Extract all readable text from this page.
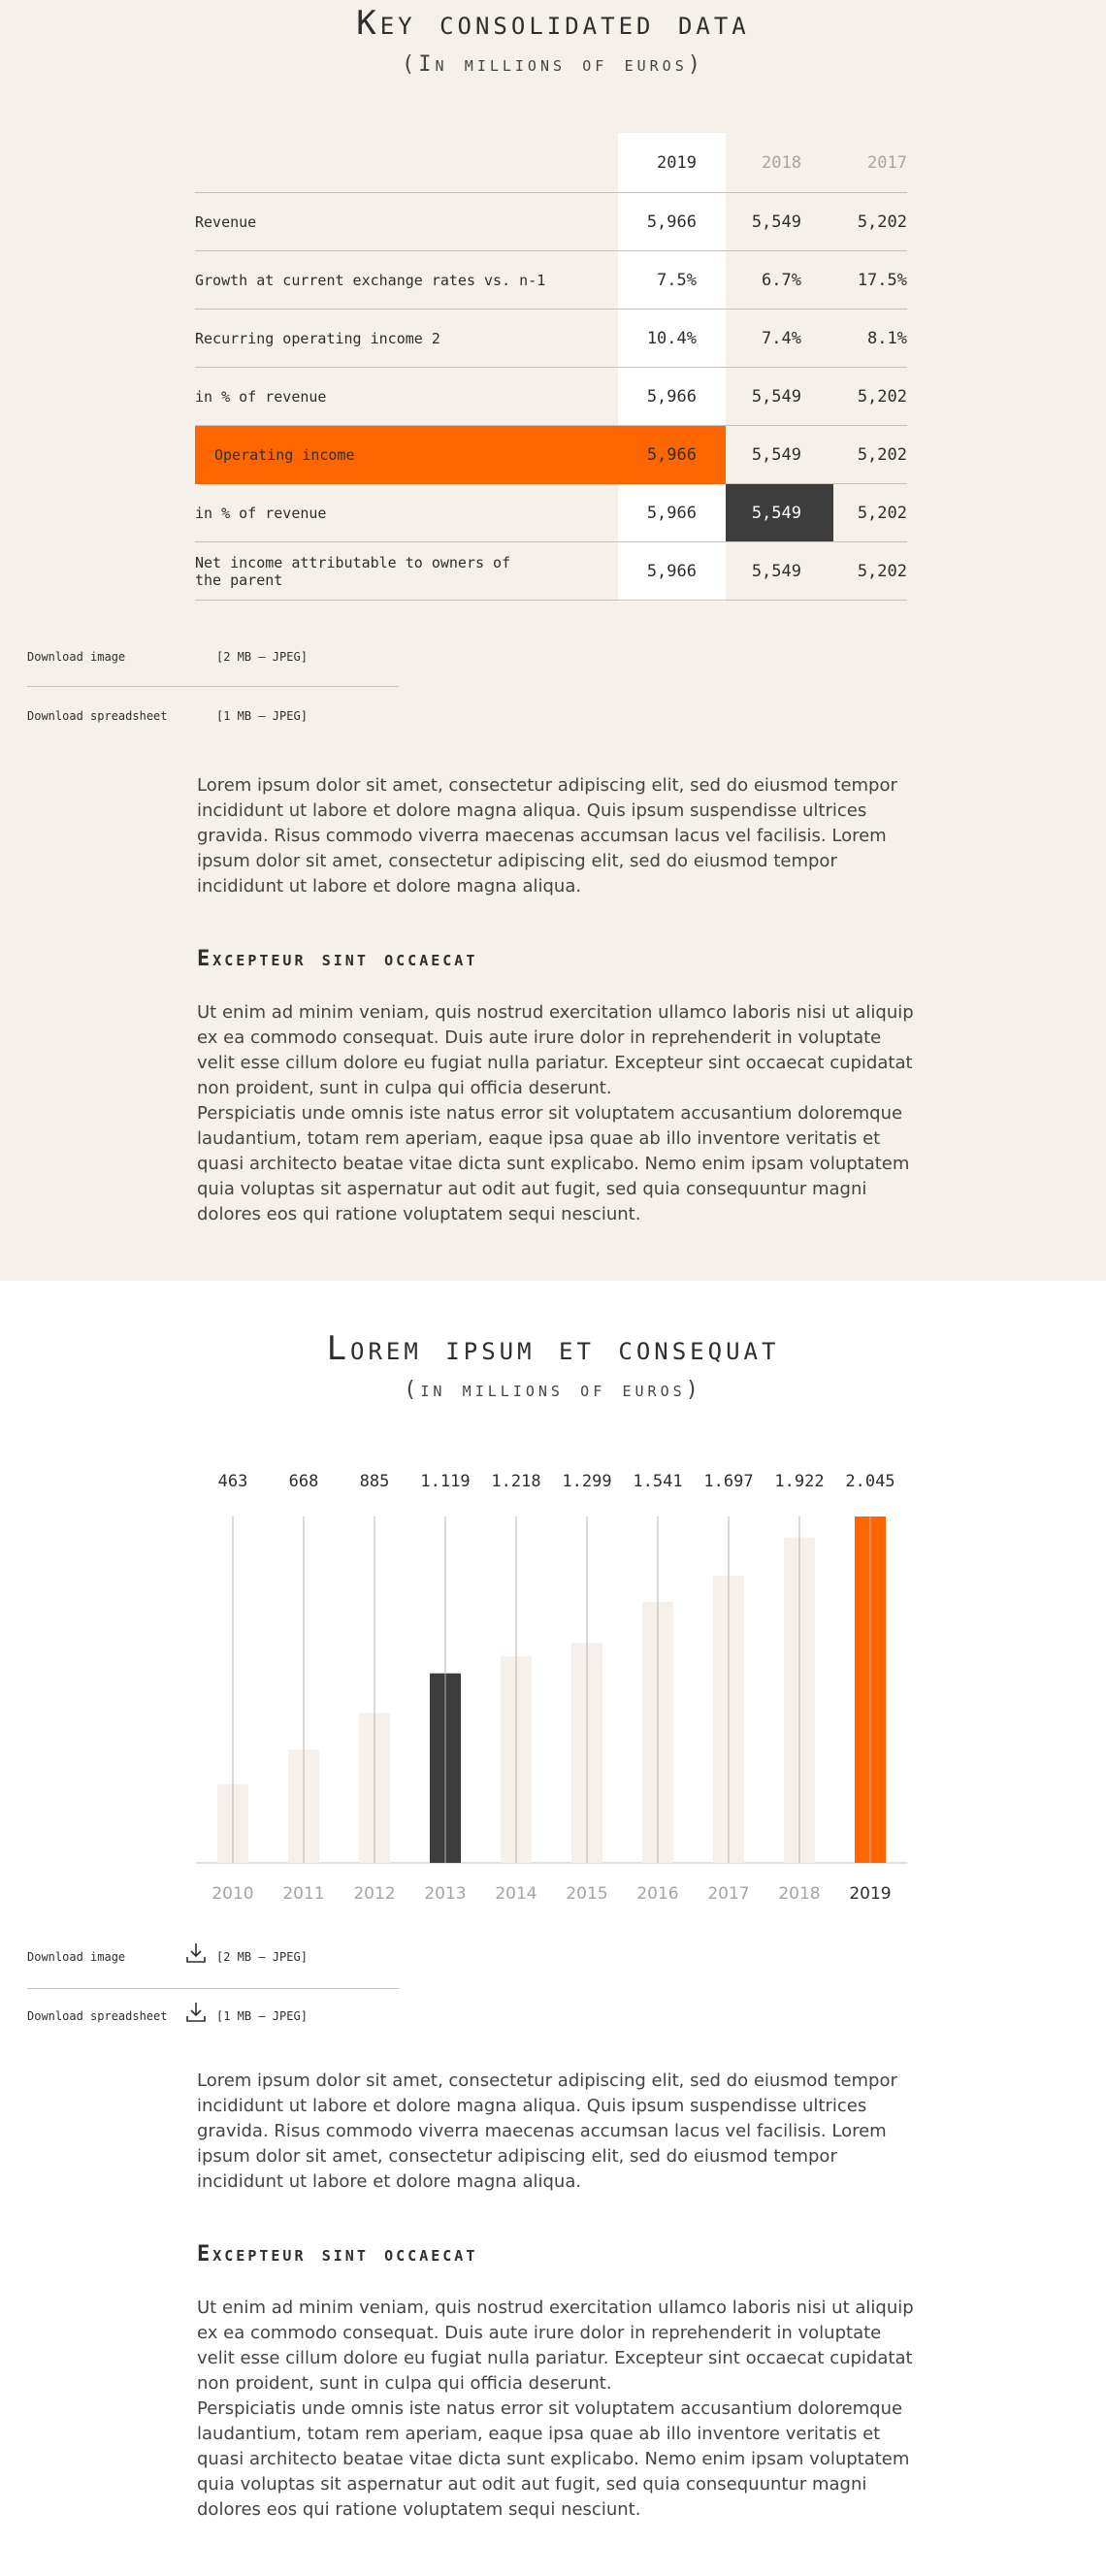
Key consolidated data
(In millions of euros)
2019	2018	2017
Revenue	5,966	5,549	5,202
Growth at current exchange rates vs. n-1	7.5%	6.7%	17.5%
Recurring operating income 2	10.4%	7.4%	8.1%
in % of revenue	5,966	5,549	5,202
Operating income	5,966	5,549	5,202
in % of revenue	5,966	5,549	5,202
Net income attributable to owners of the parent	5,966	5,549	5,202
Download image	[2 MB – JPEG]
Download spreadsheet	[1 MB – JPEG]

Lorem ipsum dolor sit amet, consectetur adipiscing elit, sed do eiusmod tempor incididunt ut labore et dolore magna aliqua. Quis ipsum suspendisse ultrices gravida. Risus commodo viverra maecenas accumsan lacus vel facilisis. Lorem ipsum dolor sit amet, consectetur adipiscing elit, sed do eiusmod tempor incididunt ut labore et dolore magna aliqua.

Excepteur sint occaecat

Ut enim ad minim veniam, quis nostrud exercitation ullamco laboris nisi ut aliquip ex ea commodo consequat. Duis aute irure dolor in reprehenderit in voluptate velit esse cillum dolore eu fugiat nulla pariatur. Excepteur sint occaecat cupidatat non proident, sunt in culpa qui officia deserunt.

Perspiciatis unde omnis iste natus error sit voluptatem accusantium doloremque laudantium, totam rem aperiam, eaque ipsa quae ab illo inventore veritatis et quasi architecto beatae vitae dicta sunt explicabo. Nemo enim ipsam voluptatem quia voluptas sit aspernatur aut odit aut fugit, sed quia consequuntur magni dolores eos qui ratione voluptatem sequi nesciunt.

Lorem ipsum et consequat
(in millions of euros)
463
2010
668
2011
885
2012
1.119
2013
1.218
2014
1.299
2015
1.541
2016
1.697
2017
1.922
2018
2.045
2019
Download image	[2 MB – JPEG]
Download spreadsheet	[1 MB – JPEG]

Lorem ipsum dolor sit amet, consectetur adipiscing elit, sed do eiusmod tempor incididunt ut labore et dolore magna aliqua. Quis ipsum suspendisse ultrices gravida. Risus commodo viverra maecenas accumsan lacus vel facilisis. Lorem ipsum dolor sit amet, consectetur adipiscing elit, sed do eiusmod tempor incididunt ut labore et dolore magna aliqua.

Excepteur sint occaecat

Ut enim ad minim veniam, quis nostrud exercitation ullamco laboris nisi ut aliquip ex ea commodo consequat. Duis aute irure dolor in reprehenderit in voluptate velit esse cillum dolore eu fugiat nulla pariatur. Excepteur sint occaecat cupidatat non proident, sunt in culpa qui officia deserunt.

Perspiciatis unde omnis iste natus error sit voluptatem accusantium doloremque laudantium, totam rem aperiam, eaque ipsa quae ab illo inventore veritatis et quasi architecto beatae vitae dicta sunt explicabo. Nemo enim ipsam voluptatem quia voluptas sit aspernatur aut odit aut fugit, sed quia consequuntur magni dolores eos qui ratione voluptatem sequi nesciunt.
